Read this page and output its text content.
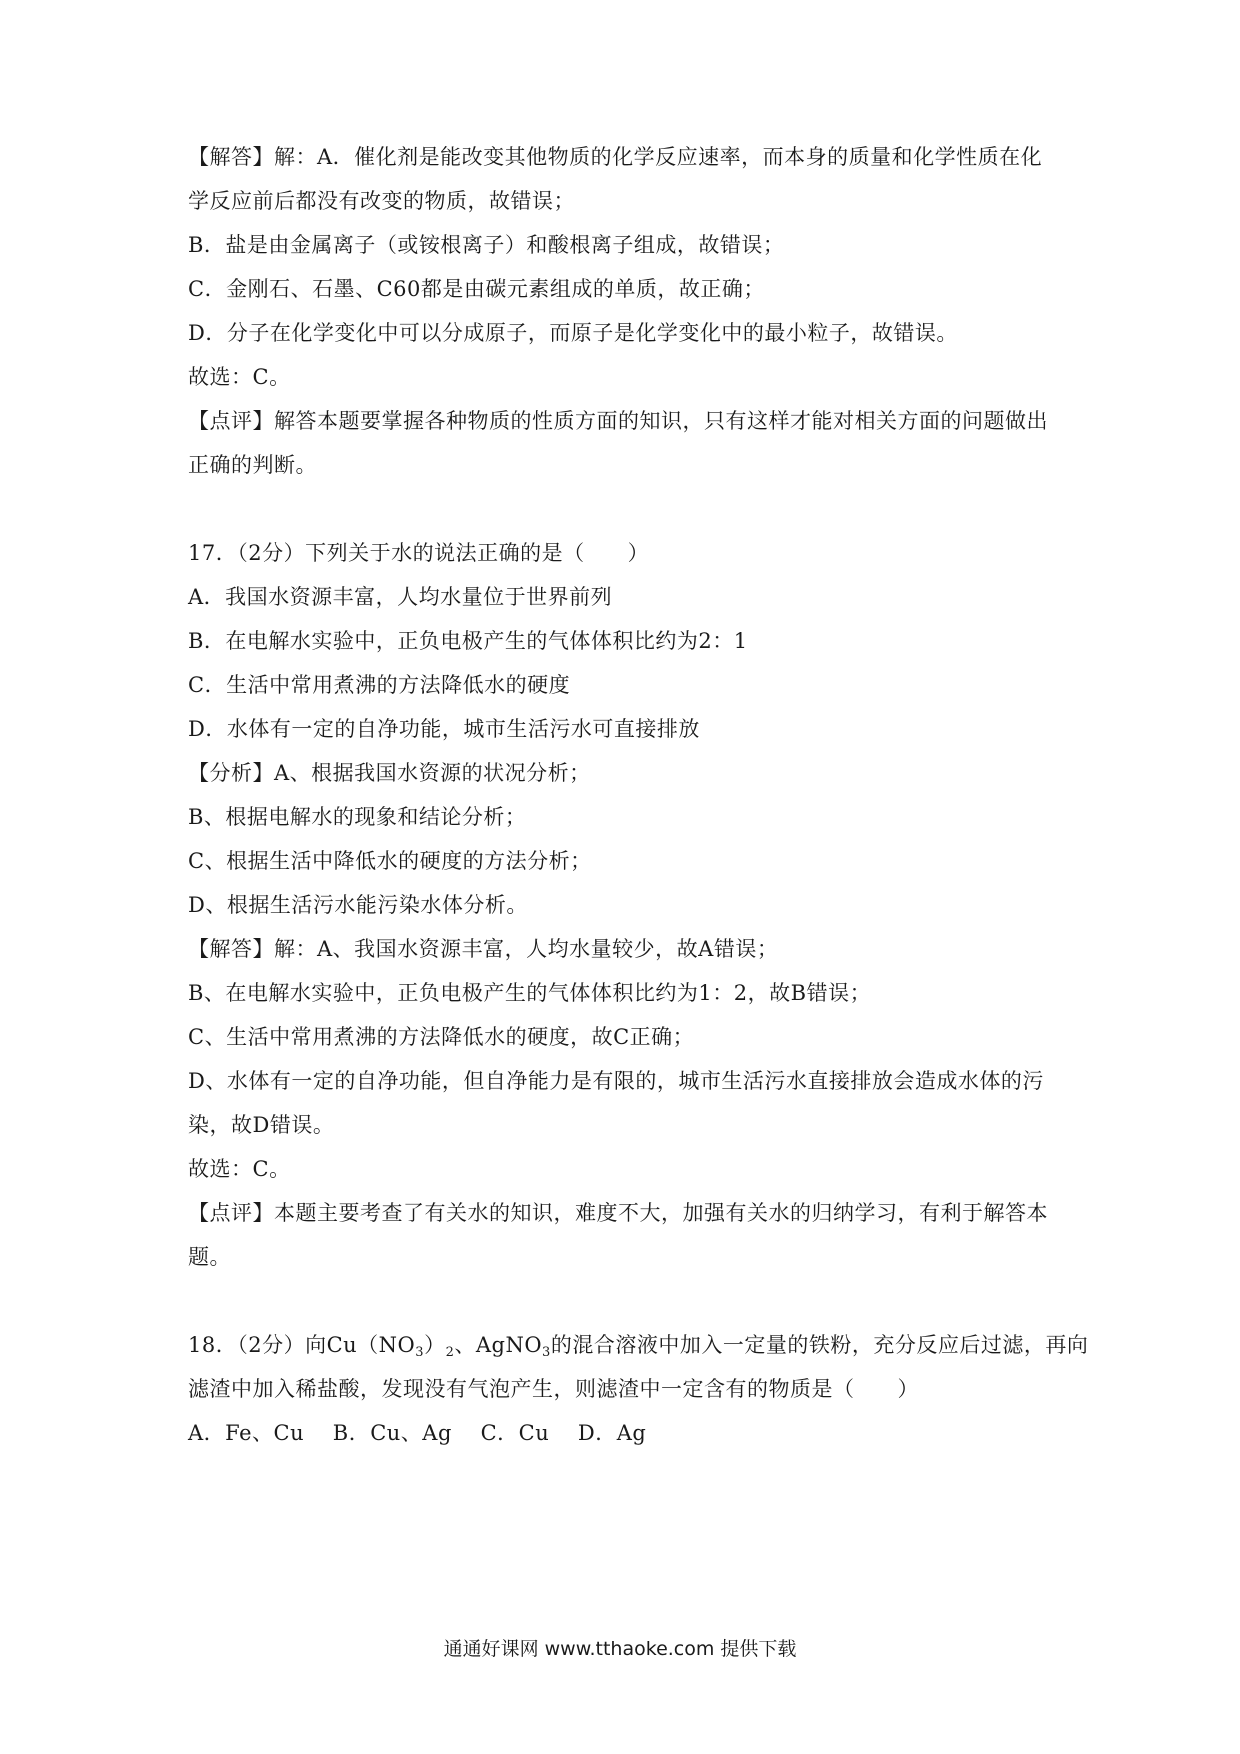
【解答】解：A．催化剂是能改变其他物质的化学反应速率，而本身的质量和化学性质在化
学反应前后都没有改变的物质，故错误；
B．盐是由金属离子（或铵根离子）和酸根离子组成，故错误；
C．金刚石、石墨、C60都是由碳元素组成的单质，故正确；
D．分子在化学变化中可以分成原子，而原子是化学变化中的最小粒子，故错误。
故选：C。
【点评】解答本题要掌握各种物质的性质方面的知识，只有这样才能对相关方面的问题做出
正确的判断。
17．（2分）下列关于水的说法正确的是（　　）
A．我国水资源丰富，人均水量位于世界前列
B．在电解水实验中，正负电极产生的气体体积比约为2：1
C．生活中常用煮沸的方法降低水的硬度
D．水体有一定的自净功能，城市生活污水可直接排放
【分析】A、根据我国水资源的状况分析；
B、根据电解水的现象和结论分析；
C、根据生活中降低水的硬度的方法分析；
D、根据生活污水能污染水体分析。
【解答】解：A、我国水资源丰富，人均水量较少，故A错误；
B、在电解水实验中，正负电极产生的气体体积比约为1：2，故B错误；
C、生活中常用煮沸的方法降低水的硬度，故C正确；
D、水体有一定的自净功能，但自净能力是有限的，城市生活污水直接排放会造成水体的污
染，故D错误。
故选：C。
【点评】本题主要考查了有关水的知识，难度不大，加强有关水的归纳学习，有利于解答本
题。
18．（2分）向$Cu(NO_3)_2$、AgNO$_3$的混合溶液中加入一定量的铁粉，充分反应后过滤，再向
滤渣中加入稀盐酸，发现没有气泡产生，则滤渣中一定含有的物质是（　　）
A．Fe、Cu　 B．Cu、Ag　 C．Cu　 D．Ag
通通好课网 www.tthaoke.com 提供下载
